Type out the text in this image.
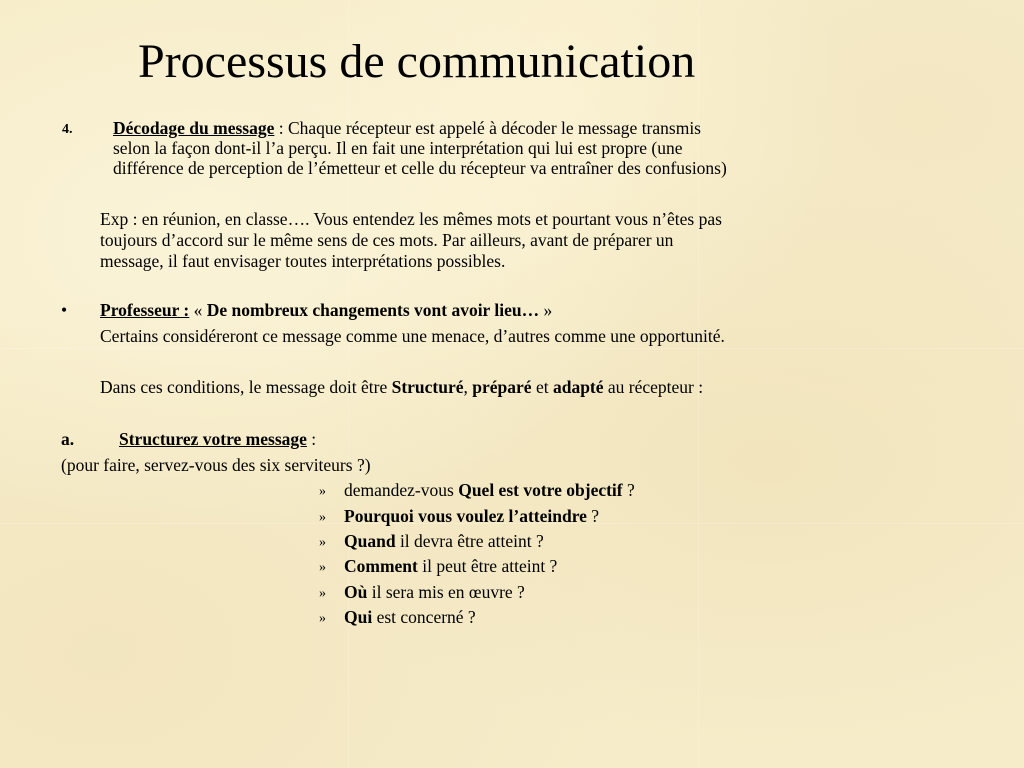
Processus de communication
4. Décodage du message : Chaque récepteur est appelé à décoder le message transmis
selon la façon dont-il l’a perçu. Il en fait une interprétation qui lui est propre (une
différence de perception de l’émetteur et celle du récepteur va entraîner des confusions)
Exp : en réunion, en classe…. Vous entendez les mêmes mots et pourtant vous n’êtes pas
toujours d’accord sur le même sens de ces mots. Par ailleurs, avant de préparer un
message, il faut envisager toutes interprétations possibles.
• Professeur : « De nombreux changements vont avoir lieu… »
Certains considéreront ce message comme une menace, d’autres comme une opportunité.
Dans ces conditions, le message doit être Structuré, préparé et adapté au récepteur :
a.	Structurez votre message :
(pour faire, servez-vous des six serviteurs ?)
» demandez-vous Quel est votre objectif ?
» Pourquoi vous voulez l’atteindre ?
» Quand il devra être atteint ?
» Comment il peut être atteint ?
» Où il sera mis en œuvre ?
» Qui est concerné ?
